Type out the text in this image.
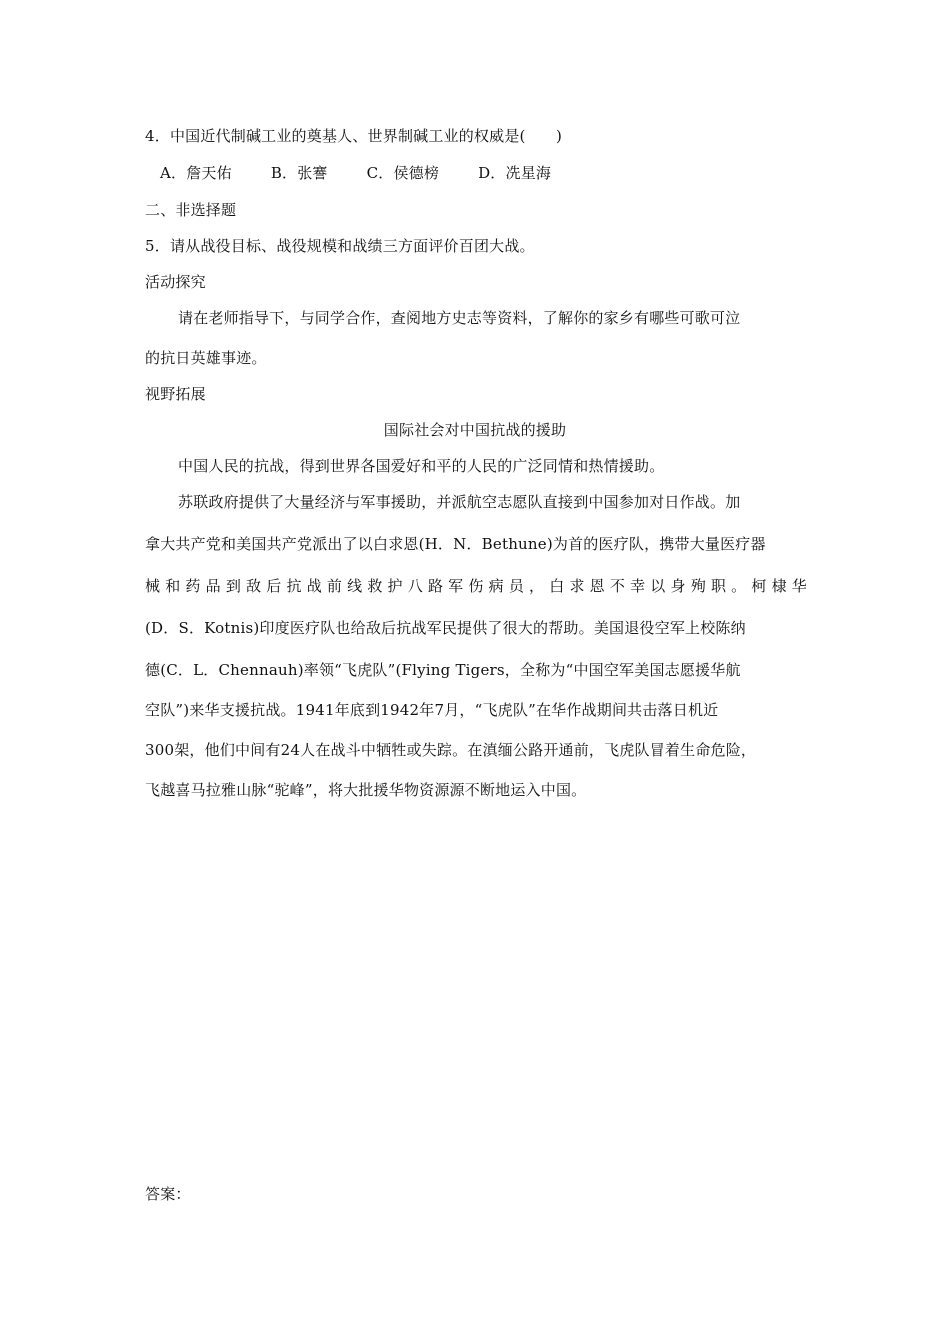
4．中国近代制碱工业的奠基人、世界制碱工业的权威是(　　)
A．詹天佑	B．张謇	C．侯德榜	D．冼星海
二、非选择题
5．请从战役目标、战役规模和战绩三方面评价百团大战。
活动探究
请在老师指导下，与同学合作，查阅地方史志等资料，了解你的家乡有哪些可歌可泣
的抗日英雄事迹。
视野拓展
国际社会对中国抗战的援助
中国人民的抗战，得到世界各国爱好和平的人民的广泛同情和热情援助。
苏联政府提供了大量经济与军事援助，并派航空志愿队直接到中国参加对日作战。加
拿大共产党和美国共产党派出了以白求恩(H．N．Bethune)为首的医疗队，携带大量医疗器
械和药品到敌后抗战前线救护八路军伤病员，白求恩不幸以身殉职。柯棣华
(D．S．Kotnis)印度医疗队也给敌后抗战军民提供了很大的帮助。美国退役空军上校陈纳
德(C．L．Chennauh)率领“飞虎队”(Flying Tigers，全称为“中国空军美国志愿援华航
空队”)来华支援抗战。1941年底到1942年7月，“飞虎队”在华作战期间共击落日机近
300架，他们中间有24人在战斗中牺牲或失踪。在滇缅公路开通前，飞虎队冒着生命危险，
飞越喜马拉雅山脉“驼峰”，将大批援华物资源源不断地运入中国。
答案：
